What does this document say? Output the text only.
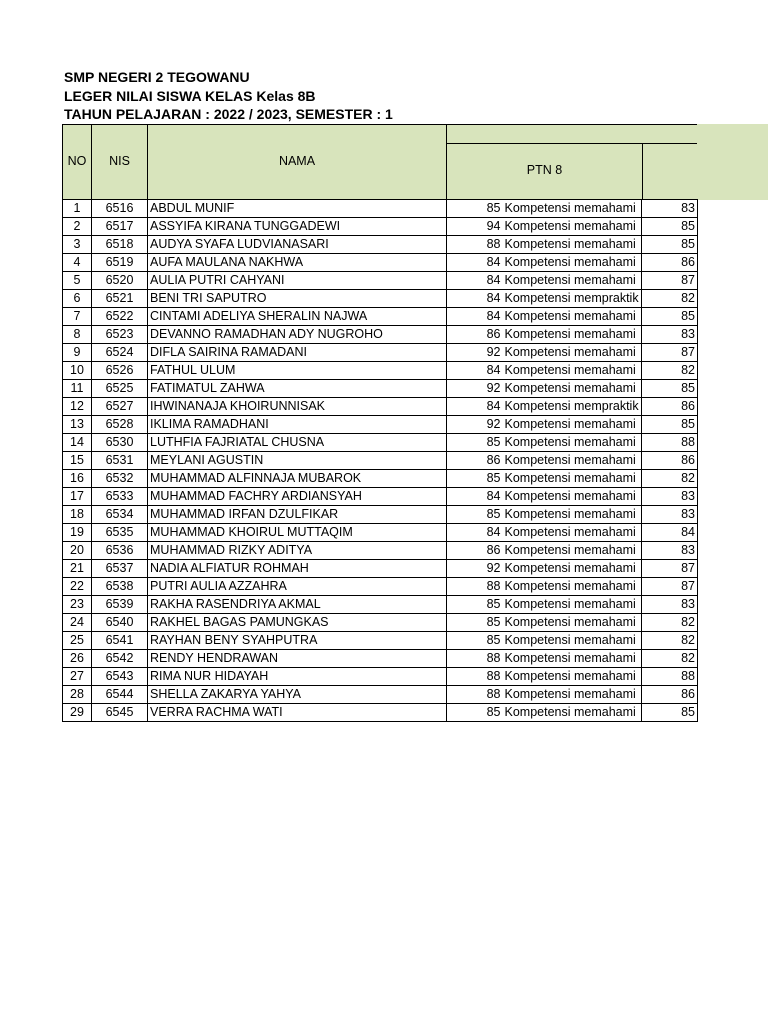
SMP NEGERI 2 TEGOWANU
LEGER NILAI SISWA KELAS Kelas 8B
TAHUN PELAJARAN : 2022 / 2023, SEMESTER : 1
NO	NIS	NAMA
PTN 8
1	6516	ABDUL MUNIF	85	Kompetensi memahami	83
2	6517	ASSYIFA KIRANA TUNGGADEWI	94	Kompetensi memahami	85
3	6518	AUDYA SYAFA LUDVIANASARI	88	Kompetensi memahami	85
4	6519	AUFA MAULANA NAKHWA	84	Kompetensi memahami	86
5	6520	AULIA PUTRI CAHYANI	84	Kompetensi memahami	87
6	6521	BENI TRI SAPUTRO	84	Kompetensi mempraktik	82
7	6522	CINTAMI ADELIYA SHERALIN NAJWA	84	Kompetensi memahami	85
8	6523	DEVANNO RAMADHAN ADY NUGROHO	86	Kompetensi memahami	83
9	6524	DIFLA SAIRINA RAMADANI	92	Kompetensi memahami	87
10	6526	FATHUL ULUM	84	Kompetensi memahami	82
11	6525	FATIMATUL ZAHWA	92	Kompetensi memahami	85
12	6527	IHWINANAJA KHOIRUNNISAK	84	Kompetensi mempraktik	86
13	6528	IKLIMA RAMADHANI	92	Kompetensi memahami	85
14	6530	LUTHFIA FAJRIATAL CHUSNA	85	Kompetensi memahami	88
15	6531	MEYLANI AGUSTIN	86	Kompetensi memahami	86
16	6532	MUHAMMAD ALFINNAJA MUBAROK	85	Kompetensi memahami	82
17	6533	MUHAMMAD FACHRY ARDIANSYAH	84	Kompetensi memahami	83
18	6534	MUHAMMAD IRFAN DZULFIKAR	85	Kompetensi memahami	83
19	6535	MUHAMMAD KHOIRUL MUTTAQIM	84	Kompetensi memahami	84
20	6536	MUHAMMAD RIZKY ADITYA	86	Kompetensi memahami	83
21	6537	NADIA ALFIATUR ROHMAH	92	Kompetensi memahami	87
22	6538	PUTRI AULIA AZZAHRA	88	Kompetensi memahami	87
23	6539	RAKHA RASENDRIYA AKMAL	85	Kompetensi memahami	83
24	6540	RAKHEL BAGAS PAMUNGKAS	85	Kompetensi memahami	82
25	6541	RAYHAN BENY SYAHPUTRA	85	Kompetensi memahami	82
26	6542	RENDY HENDRAWAN	88	Kompetensi memahami	82
27	6543	RIMA NUR HIDAYAH	88	Kompetensi memahami	88
28	6544	SHELLA ZAKARYA YAHYA	88	Kompetensi memahami	86
29	6545	VERRA RACHMA WATI	85	Kompetensi memahami	85
